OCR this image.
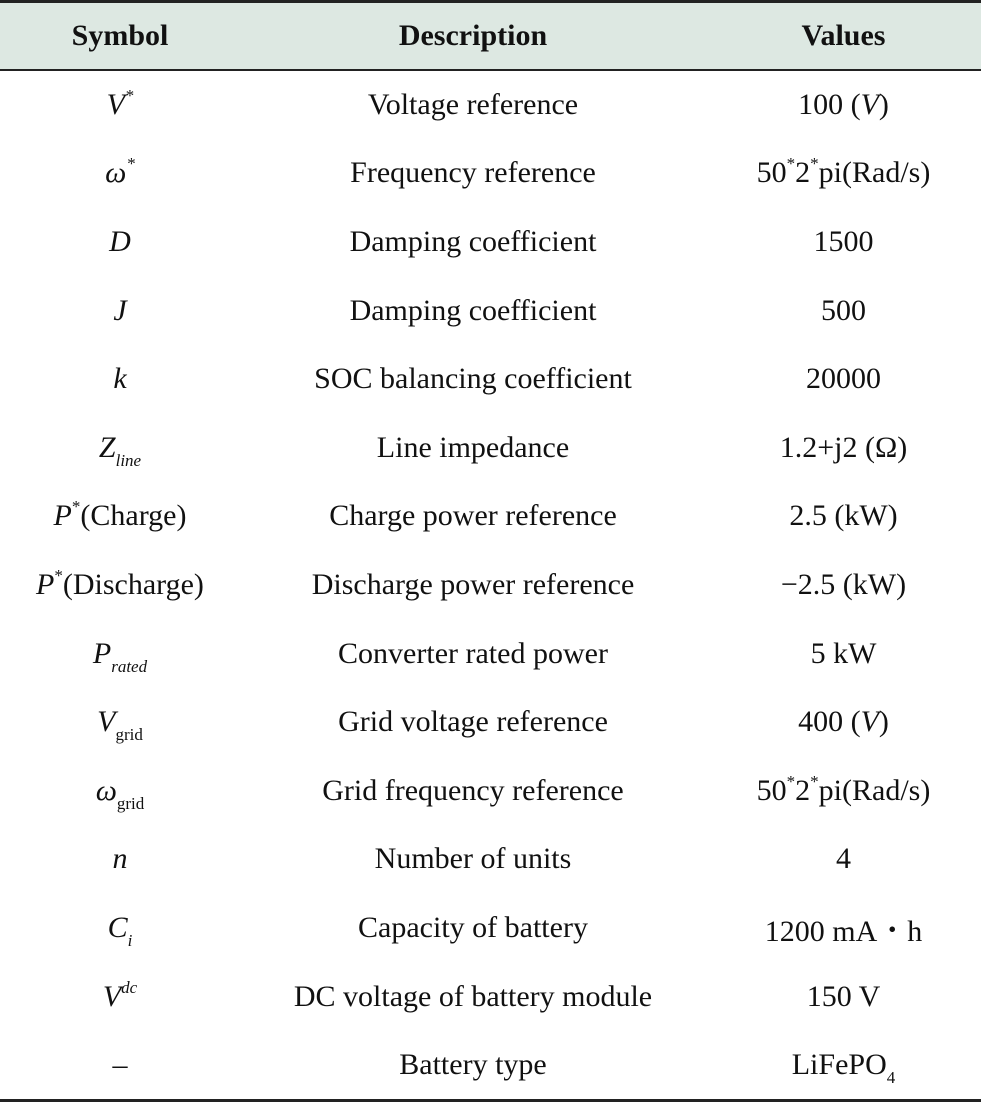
Symbol	Description	Values
V*	Voltage reference	100 (V)
ω*	Frequency reference	50*2*pi(Rad/s)
D	Damping coefficient	1500
J	Damping coefficient	500
k	SOC balancing coefficient	20000
$Z_{line}$	Line impedance	1.2+j2 (Ω)
P*(Charge)	Charge power reference	2.5 (kW)
P*(Discharge)	Discharge power reference	−2.5 (kW)
$P_{rated}$	Converter rated power	5 kW
$V_{grid}$	Grid voltage reference	400 (V)
$\omega_{grid}$	Grid frequency reference	50*2*pi(Rad/s)
n	Number of units	4
$C_i$	Capacity of battery	1200 mA・h
$V^{dc}$	DC voltage of battery module	150 V
–	Battery type	LiFePO$_4$
